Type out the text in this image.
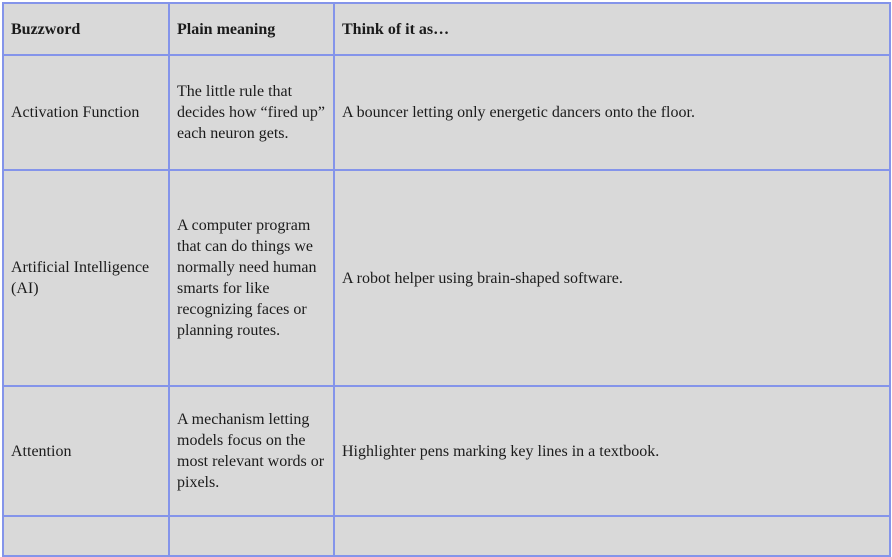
Buzzword	Plain meaning	Think of it as…
Activation Function	The little rule that decides how “fired up” each neuron gets.	A bouncer letting only energetic dancers onto the floor.
Artificial Intelligence (AI)	A computer program that can do things we normally need human smarts for like recognizing faces or planning routes.	A robot helper using brain-shaped software.
Attention	A mechanism letting models focus on the most relevant words or pixels.	Highlighter pens marking key lines in a textbook.
